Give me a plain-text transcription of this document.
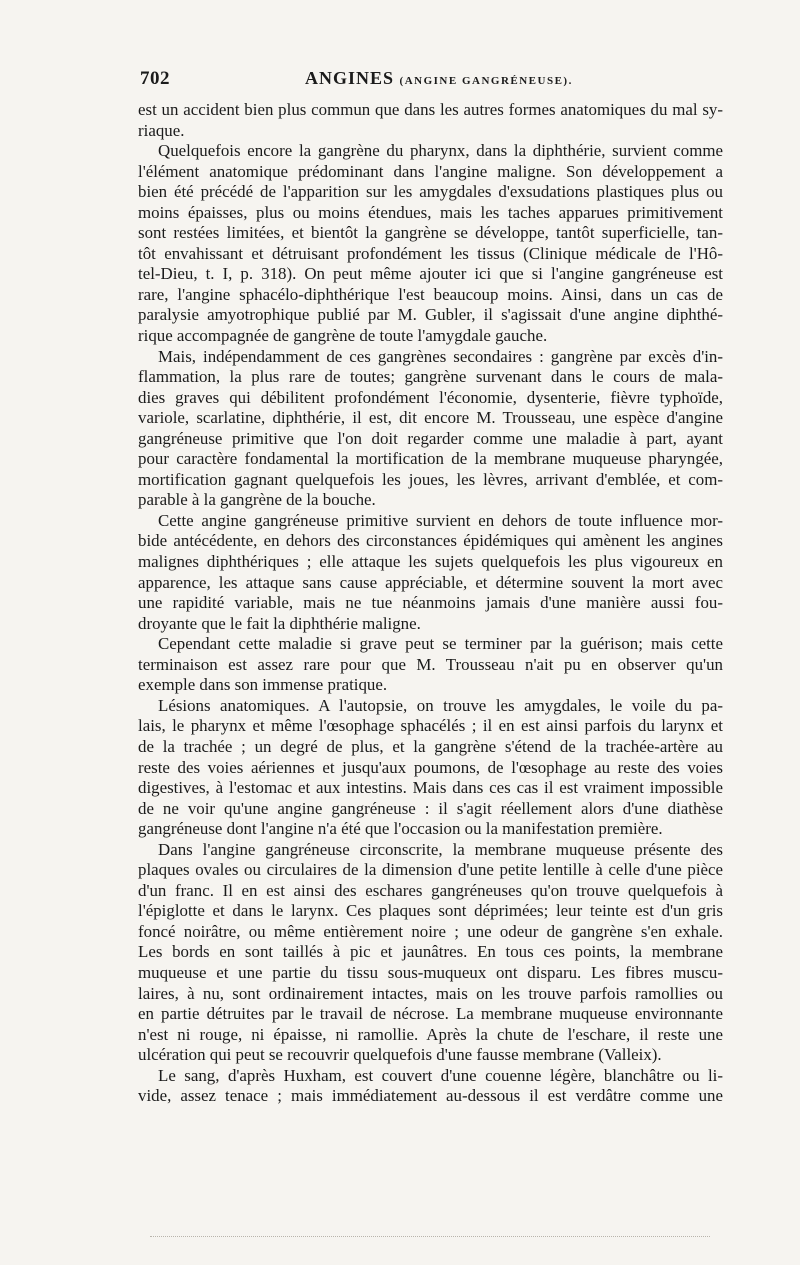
702	ANGINES (ANGINE GANGRÉNEUSE).
est un accident bien plus commun que dans les autres formes anatomiques du mal sy-
riaque.
Quelquefois encore la gangrène du pharynx, dans la diphthérie, survient comme
l'élément anatomique prédominant dans l'angine maligne. Son développement a
bien été précédé de l'apparition sur les amygdales d'exsudations plastiques plus ou
moins épaisses, plus ou moins étendues, mais les taches apparues primitivement
sont restées limitées, et bientôt la gangrène se développe, tantôt superficielle, tan-
tôt envahissant et détruisant profondément les tissus (Clinique médicale de l'Hô-
tel-Dieu, t. I, p. 318). On peut même ajouter ici que si l'angine gangréneuse est
rare, l'angine sphacélo-diphthérique l'est beaucoup moins. Ainsi, dans un cas de
paralysie amyotrophique publié par M. Gubler, il s'agissait d'une angine diphthé-
rique accompagnée de gangrène de toute l'amygdale gauche.
Mais, indépendamment de ces gangrènes secondaires : gangrène par excès d'in-
flammation, la plus rare de toutes; gangrène survenant dans le cours de mala-
dies graves qui débilitent profondément l'économie, dysenterie, fièvre typhoïde,
variole, scarlatine, diphthérie, il est, dit encore M. Trousseau, une espèce d'angine
gangréneuse primitive que l'on doit regarder comme une maladie à part, ayant
pour caractère fondamental la mortification de la membrane muqueuse pharyngée,
mortification gagnant quelquefois les joues, les lèvres, arrivant d'emblée, et com-
parable à la gangrène de la bouche.
Cette angine gangréneuse primitive survient en dehors de toute influence mor-
bide antécédente, en dehors des circonstances épidémiques qui amènent les angines
malignes diphthériques ; elle attaque les sujets quelquefois les plus vigoureux en
apparence, les attaque sans cause appréciable, et détermine souvent la mort avec
une rapidité variable, mais ne tue néanmoins jamais d'une manière aussi fou-
droyante que le fait la diphthérie maligne.
Cependant cette maladie si grave peut se terminer par la guérison; mais cette
terminaison est assez rare pour que M. Trousseau n'ait pu en observer qu'un
exemple dans son immense pratique.
Lésions anatomiques. A l'autopsie, on trouve les amygdales, le voile du pa-
lais, le pharynx et même l'œsophage sphacélés ; il en est ainsi parfois du larynx et
de la trachée ; un degré de plus, et la gangrène s'étend de la trachée-artère au
reste des voies aériennes et jusqu'aux poumons, de l'œsophage au reste des voies
digestives, à l'estomac et aux intestins. Mais dans ces cas il est vraiment impossible
de ne voir qu'une angine gangréneuse : il s'agit réellement alors d'une diathèse
gangréneuse dont l'angine n'a été que l'occasion ou la manifestation première.
Dans l'angine gangréneuse circonscrite, la membrane muqueuse présente des
plaques ovales ou circulaires de la dimension d'une petite lentille à celle d'une pièce
d'un franc. Il en est ainsi des eschares gangréneuses qu'on trouve quelquefois à
l'épiglotte et dans le larynx. Ces plaques sont déprimées; leur teinte est d'un gris
foncé noirâtre, ou même entièrement noire ; une odeur de gangrène s'en exhale.
Les bords en sont taillés à pic et jaunâtres. En tous ces points, la membrane
muqueuse et une partie du tissu sous-muqueux ont disparu. Les fibres muscu-
laires, à nu, sont ordinairement intactes, mais on les trouve parfois ramollies ou
en partie détruites par le travail de nécrose. La membrane muqueuse environnante
n'est ni rouge, ni épaisse, ni ramollie. Après la chute de l'eschare, il reste une
ulcération qui peut se recouvrir quelquefois d'une fausse membrane (Valleix).
Le sang, d'après Huxham, est couvert d'une couenne légère, blanchâtre ou li-
vide, assez tenace ; mais immédiatement au-dessous il est verdâtre comme une
